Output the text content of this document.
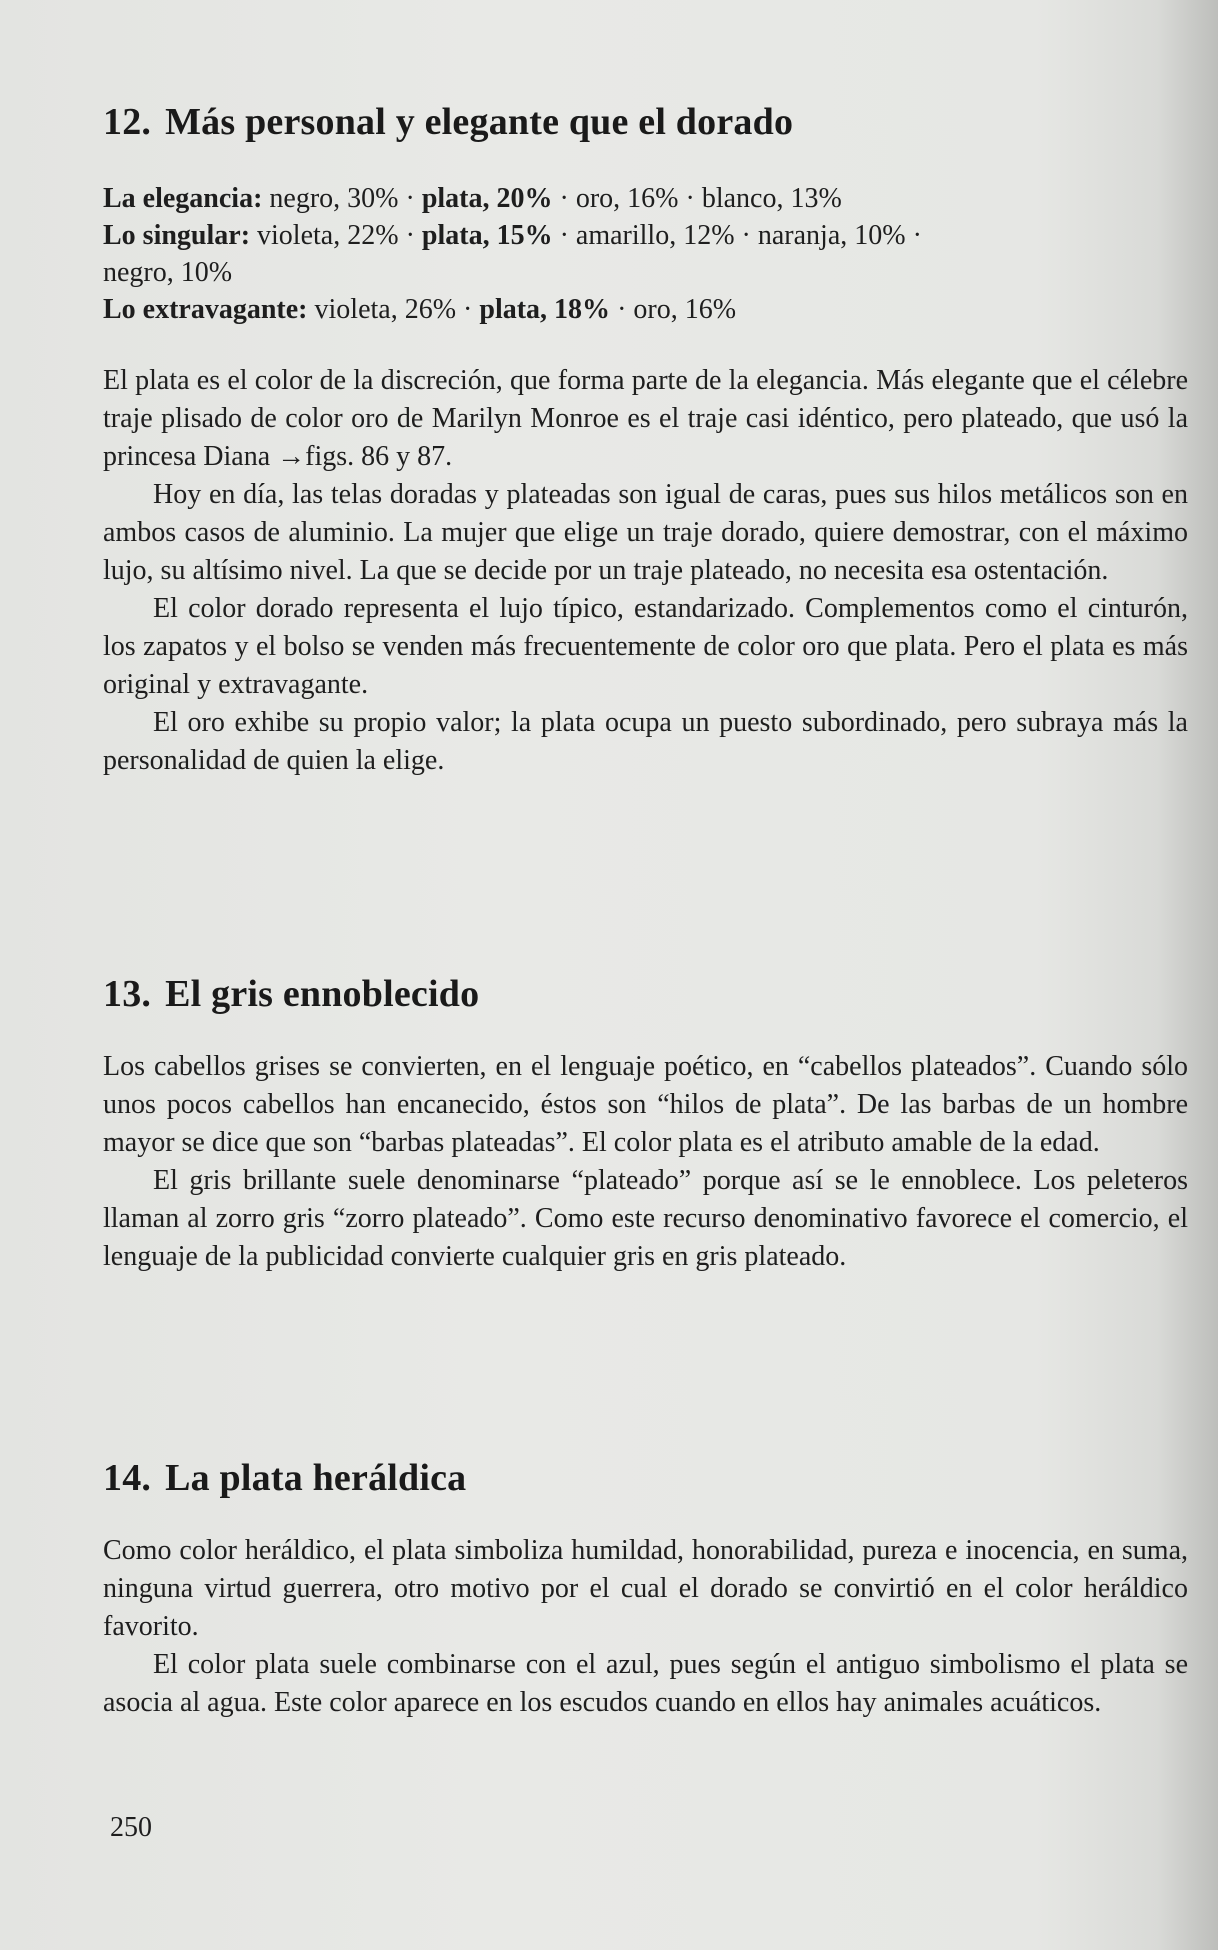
12. Más personal y elegante que el dorado

La elegancia: negro, 30% · plata, 20% · oro, 16% · blanco, 13%

Lo singular: violeta, 22% · plata, 15% · amarillo, 12% · naranja, 10% ·
negro, 10%

Lo extravagante: violeta, 26% · plata, 18% · oro, 16%

El plata es el color de la discreción, que forma parte de la elegancia. Más elegante que el célebre traje plisado de color oro de Marilyn Monroe es el traje casi idéntico, pero plateado, que usó la princesa Diana →figs. 86 y 87.

Hoy en día, las telas doradas y plateadas son igual de caras, pues sus hilos metálicos son en ambos casos de aluminio. La mujer que elige un traje dorado, quiere demostrar, con el máximo lujo, su altísimo nivel. La que se decide por un traje plateado, no necesita esa ostentación.

El color dorado representa el lujo típico, estandarizado. Complementos como el cinturón, los zapatos y el bolso se venden más frecuentemente de color oro que plata. Pero el plata es más original y extravagante.

El oro exhibe su propio valor; la plata ocupa un puesto subordinado, pero subraya más la personalidad de quien la elige.

13. El gris ennoblecido

Los cabellos grises se convierten, en el lenguaje poético, en “cabellos plateados”. Cuando sólo unos pocos cabellos han encanecido, éstos son “hilos de plata”. De las barbas de un hombre mayor se dice que son “barbas plateadas”. El color plata es el atributo amable de la edad.

El gris brillante suele denominarse “plateado” porque así se le ennoblece. Los peleteros llaman al zorro gris “zorro plateado”. Como este recurso denominativo favorece el comercio, el lenguaje de la publicidad convierte cualquier gris en gris plateado.

14. La plata heráldica

Como color heráldico, el plata simboliza humildad, honorabilidad, pureza e inocencia, en suma, ninguna virtud guerrera, otro motivo por el cual el dorado se convirtió en el color heráldico favorito.

El color plata suele combinarse con el azul, pues según el antiguo simbolismo el plata se asocia al agua. Este color aparece en los escudos cuando en ellos hay animales acuáticos.

250
